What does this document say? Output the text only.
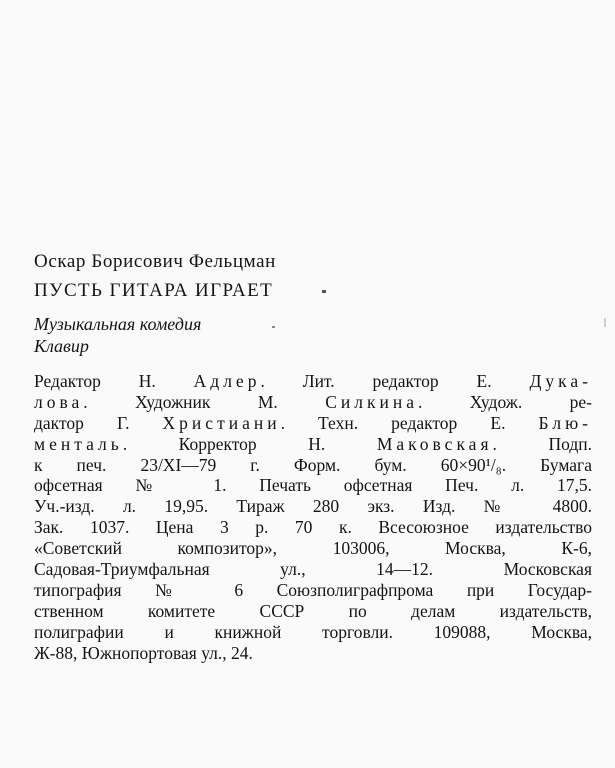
Оскар Борисович Фельцман
ПУСТЬ ГИТАРА ИГРАЕТ
Музыкальная комедия
Клавир
Редактор Н. Адлер. Лит. редактор Е. Дука-
лова. Художник М. Силкина. Худож. ре-
дактор Г. Христиани. Техн. редактор Е. Блю-
менталь. Корректор Н. Маковская. Подп.
к печ. 23/XI—79 г. Форм. бум. 60×90¹/₈. Бумага
офсетная № 1. Печать офсетная Печ. л. 17,5.
Уч.-изд. л. 19,95. Тираж 280 экз. Изд. № 4800.
Зак. 1037. Цена 3 р. 70 к. Всесоюзное издательство
«Советский композитор», 103006, Москва, К-6,
Садовая-Триумфальная ул., 14—12. Московская
типография № 6 Союзполиграфпрома при Государ-
ственном комитете СССР по делам издательств,
полиграфии и книжной торговли. 109088, Москва,
Ж-88, Южнопортовая ул., 24.
